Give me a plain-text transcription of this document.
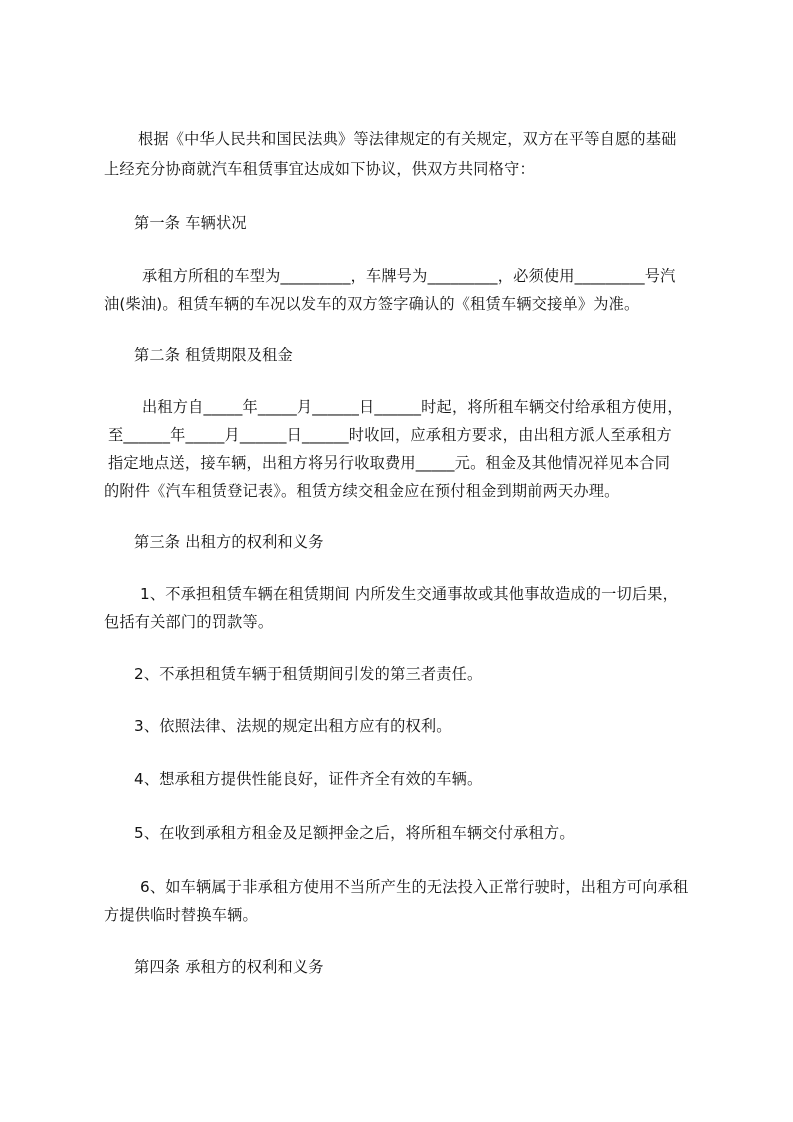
根据《中华人民共和国民法典》等法律规定的有关规定，双方在平等自愿的基础
上经充分协商就汽车租赁事宜达成如下协议，供双方共同格守：
第一条 车辆状况
承租方所租的车型为_________，车牌号为_________，必须使用_________号汽
油(柴油)。租赁车辆的车况以发车的双方签字确认的《租赁车辆交接单》为准。
第二条 租赁期限及租金
出租方自_____年_____月______日______时起，将所租车辆交付给承租方使用，
至______年_____月______日______时收回，应承租方要求，由出租方派人至承租方
指定地点送，接车辆，出租方将另行收取费用_____元。租金及其他情况祥见本合同
的附件《汽车租赁登记表》。租赁方续交租金应在预付租金到期前两天办理。
第三条 出租方的权利和义务
1、不承担租赁车辆在租赁期间 内所发生交通事故或其他事故造成的一切后果，
包括有关部门的罚款等。
2、不承担租赁车辆于租赁期间引发的第三者责任。
3、依照法律、法规的规定出租方应有的权利。
4、想承租方提供性能良好，证件齐全有效的车辆。
5、在收到承租方租金及足额押金之后，将所租车辆交付承租方。
6、如车辆属于非承租方使用不当所产生的无法投入正常行驶时，出租方可向承租
方提供临时替换车辆。
第四条 承租方的权利和义务
